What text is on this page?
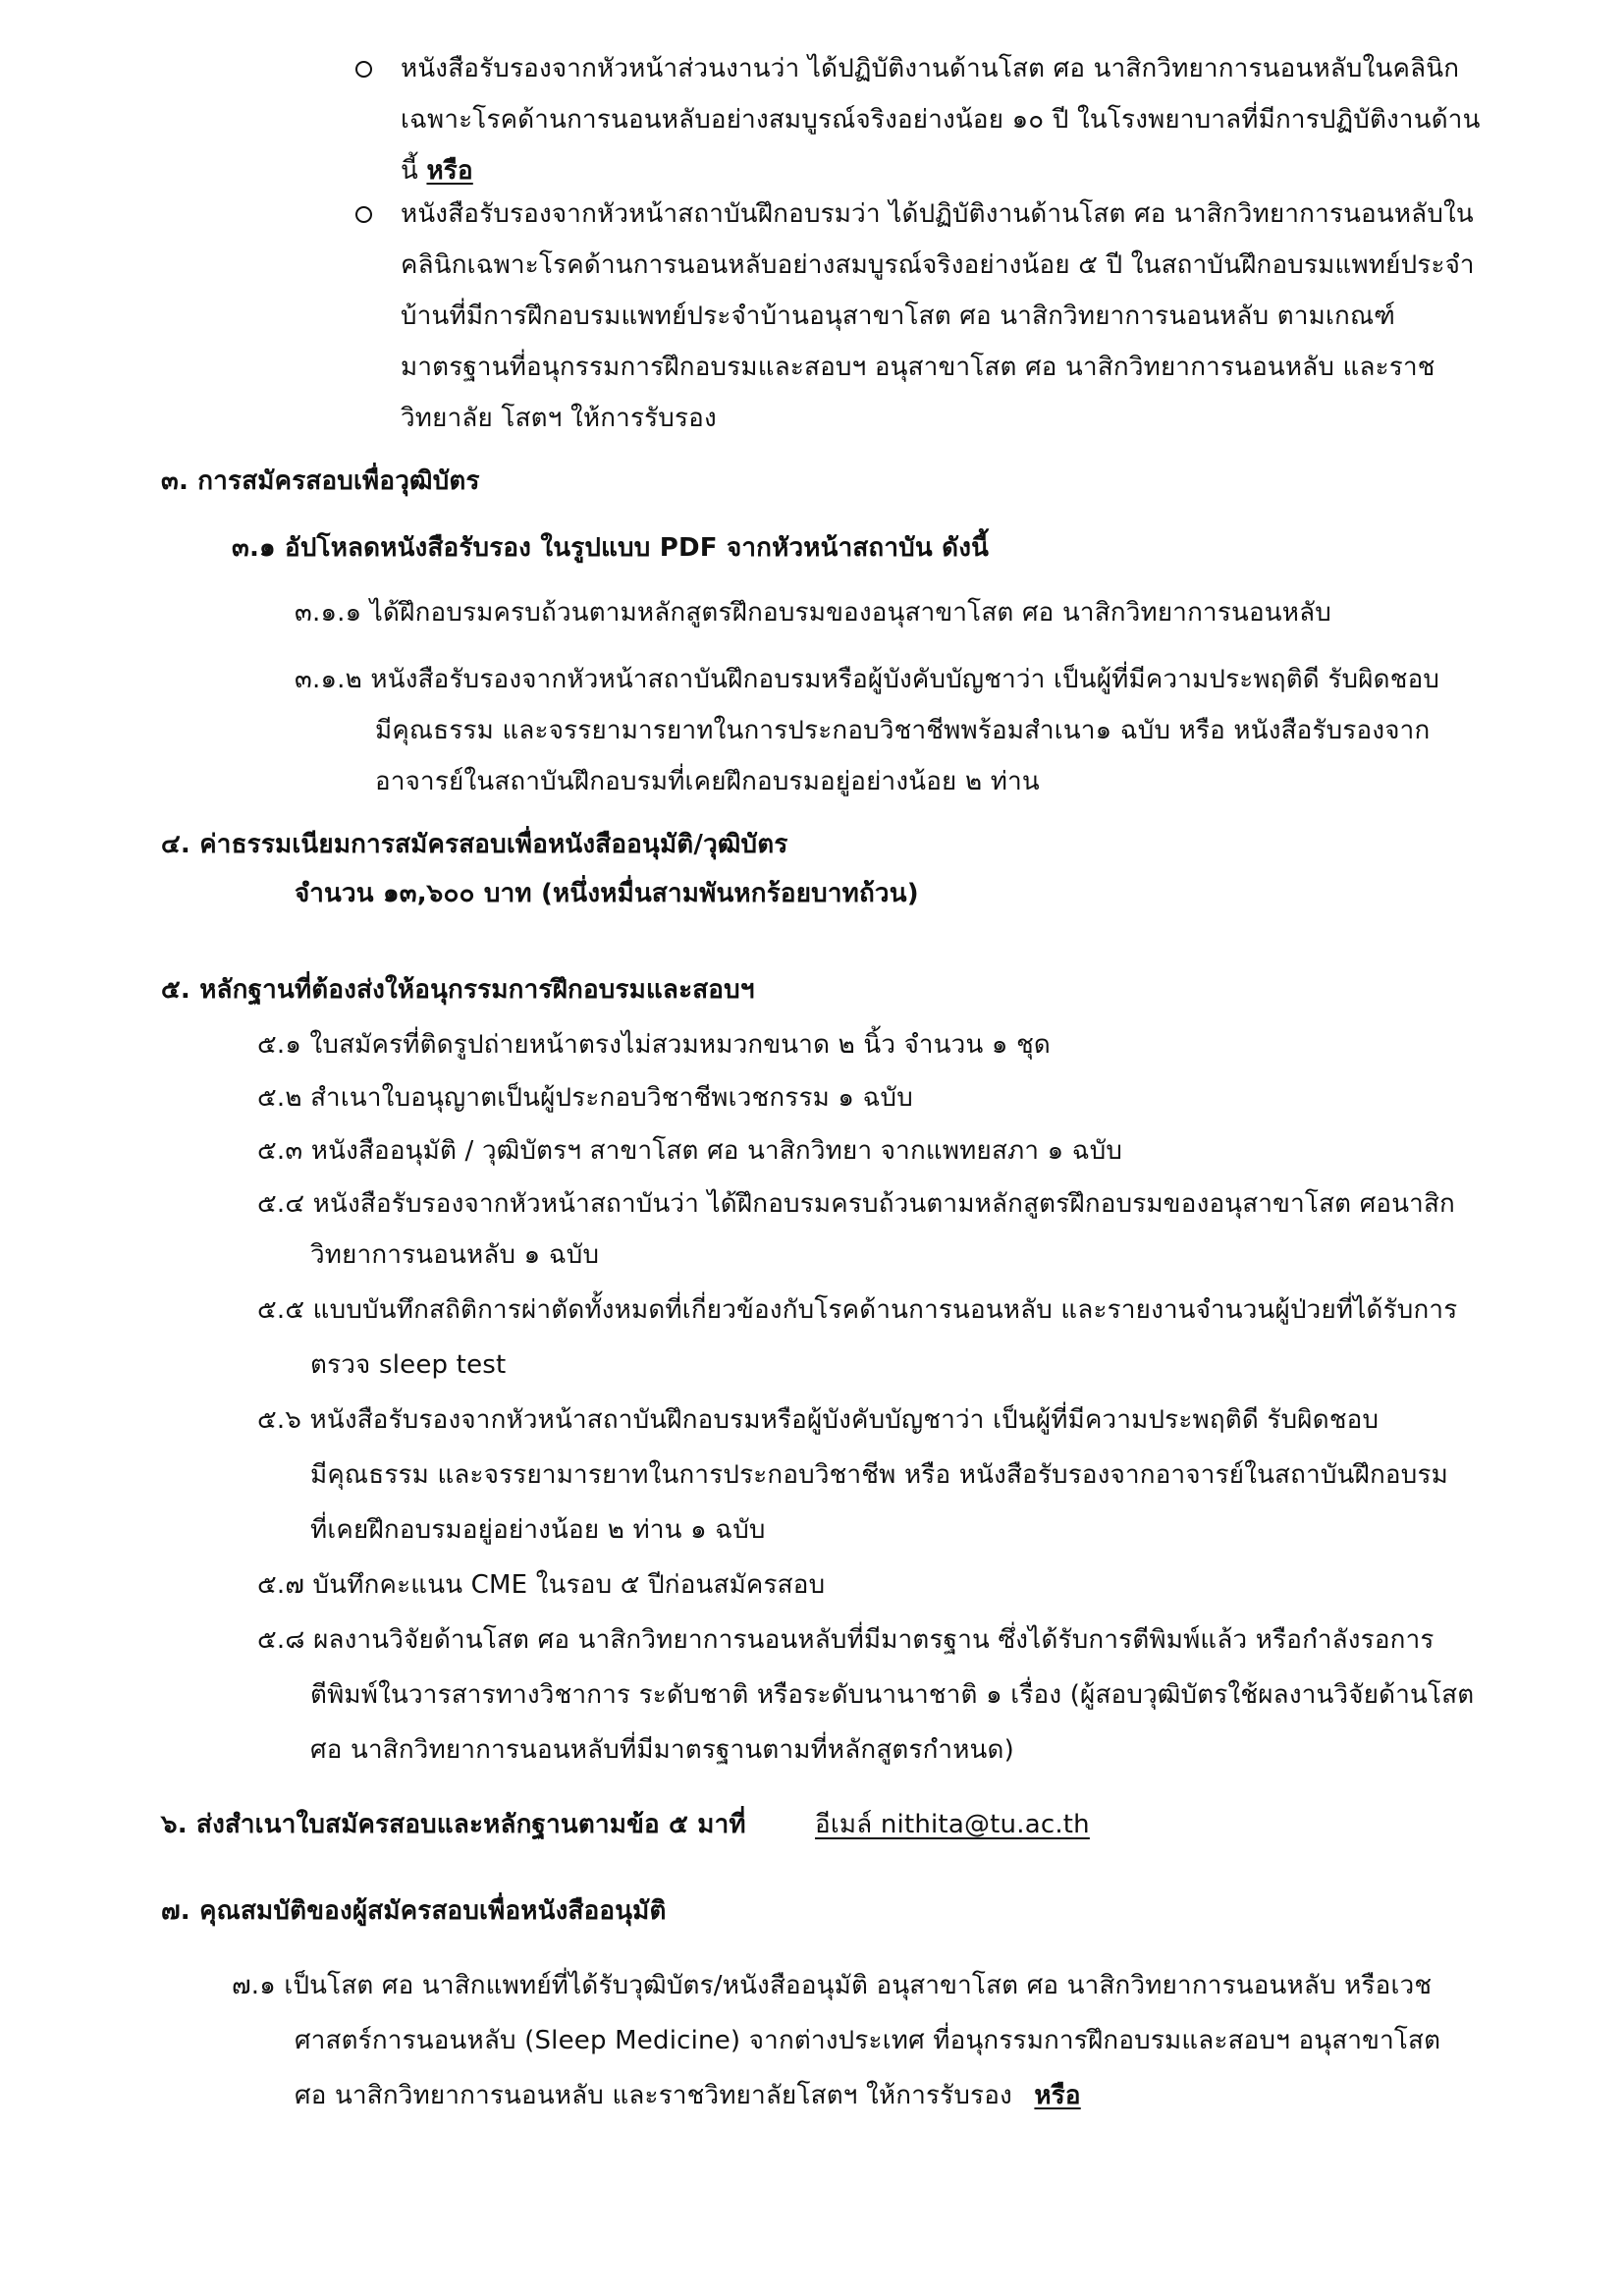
หนังสือรับรองจากหัวหน้าส่วนงานว่า ได้ปฏิบัติงานด้านโสต ศอ นาสิกวิทยาการนอนหลับในคลินิก
เฉพาะโรคด้านการนอนหลับอย่างสมบูรณ์จริงอย่างน้อย ๑๐ ปี ในโรงพยาบาลที่มีการปฏิบัติงานด้าน
นี้ หรือ
หนังสือรับรองจากหัวหน้าสถาบันฝึกอบรมว่า ได้ปฏิบัติงานด้านโสต ศอ นาสิกวิทยาการนอนหลับใน
คลินิกเฉพาะโรคด้านการนอนหลับอย่างสมบูรณ์จริงอย่างน้อย ๕ ปี ในสถาบันฝึกอบรมแพทย์ประจำ
บ้านที่มีการฝึกอบรมแพทย์ประจำบ้านอนุสาขาโสต ศอ นาสิกวิทยาการนอนหลับ ตามเกณฑ์
มาตรฐานที่อนุกรรมการฝึกอบรมและสอบฯ อนุสาขาโสต ศอ นาสิกวิทยาการนอนหลับ และราช
วิทยาลัย โสตฯ ให้การรับรอง
๓. การสมัครสอบเพื่อวุฒิบัตร
๓.๑ อัปโหลดหนังสือรับรอง ในรูปแบบ PDF จากหัวหน้าสถาบัน ดังนี้
๓.๑.๑ ได้ฝึกอบรมครบถ้วนตามหลักสูตรฝึกอบรมของอนุสาขาโสต ศอ นาสิกวิทยาการนอนหลับ
๓.๑.๒ หนังสือรับรองจากหัวหน้าสถาบันฝึกอบรมหรือผู้บังคับบัญชาว่า เป็นผู้ที่มีความประพฤติดี รับผิดชอบ
มีคุณธรรม และจรรยามารยาทในการประกอบวิชาชีพพร้อมสำเนา๑ ฉบับ หรือ หนังสือรับรองจาก
อาจารย์ในสถาบันฝึกอบรมที่เคยฝึกอบรมอยู่อย่างน้อย ๒ ท่าน
๔. ค่าธรรมเนียมการสมัครสอบเพื่อหนังสืออนุมัติ/วุฒิบัตร
จำนวน ๑๓,๖๐๐ บาท (หนึ่งหมื่นสามพันหกร้อยบาทถ้วน)
๕. หลักฐานที่ต้องส่งให้อนุกรรมการฝึกอบรมและสอบฯ
๕.๑ ใบสมัครที่ติดรูปถ่ายหน้าตรงไม่สวมหมวกขนาด ๒ นิ้ว จำนวน ๑ ชุด
๕.๒ สำเนาใบอนุญาตเป็นผู้ประกอบวิชาชีพเวชกรรม ๑ ฉบับ
๕.๓ หนังสืออนุมัติ / วุฒิบัตรฯ สาขาโสต ศอ นาสิกวิทยา จากแพทยสภา ๑ ฉบับ
๕.๔ หนังสือรับรองจากหัวหน้าสถาบันว่า ได้ฝึกอบรมครบถ้วนตามหลักสูตรฝึกอบรมของอนุสาขาโสต ศอนาสิก
วิทยาการนอนหลับ ๑ ฉบับ
๕.๕ แบบบันทึกสถิติการผ่าตัดทั้งหมดที่เกี่ยวข้องกับโรคด้านการนอนหลับ และรายงานจำนวนผู้ป่วยที่ได้รับการ
ตรวจ sleep test
๕.๖ หนังสือรับรองจากหัวหน้าสถาบันฝึกอบรมหรือผู้บังคับบัญชาว่า เป็นผู้ที่มีความประพฤติดี รับผิดชอบ
มีคุณธรรม และจรรยามารยาทในการประกอบวิชาชีพ หรือ หนังสือรับรองจากอาจารย์ในสถาบันฝึกอบรม
ที่เคยฝึกอบรมอยู่อย่างน้อย ๒ ท่าน ๑ ฉบับ
๕.๗ บันทึกคะแนน CME ในรอบ ๕ ปีก่อนสมัครสอบ
๕.๘ ผลงานวิจัยด้านโสต ศอ นาสิกวิทยาการนอนหลับที่มีมาตรฐาน ซึ่งได้รับการตีพิมพ์แล้ว หรือกำลังรอการ
ตีพิมพ์ในวารสารทางวิชาการ ระดับชาติ หรือระดับนานาชาติ ๑ เรื่อง (ผู้สอบวุฒิบัตรใช้ผลงานวิจัยด้านโสต
ศอ นาสิกวิทยาการนอนหลับที่มีมาตรฐานตามที่หลักสูตรกำหนด)
๖. ส่งสำเนาใบสมัครสอบและหลักฐานตามข้อ ๕ มาที่	อีเมล์ nithita@tu.ac.th
๗. คุณสมบัติของผู้สมัครสอบเพื่อหนังสืออนุมัติ
๗.๑ เป็นโสต ศอ นาสิกแพทย์ที่ได้รับวุฒิบัตร/หนังสืออนุมัติ อนุสาขาโสต ศอ นาสิกวิทยาการนอนหลับ หรือเวช
ศาสตร์การนอนหลับ (Sleep Medicine) จากต่างประเทศ ที่อนุกรรมการฝึกอบรมและสอบฯ อนุสาขาโสต
ศอ นาสิกวิทยาการนอนหลับ และราชวิทยาลัยโสตฯ ให้การรับรอง หรือ
